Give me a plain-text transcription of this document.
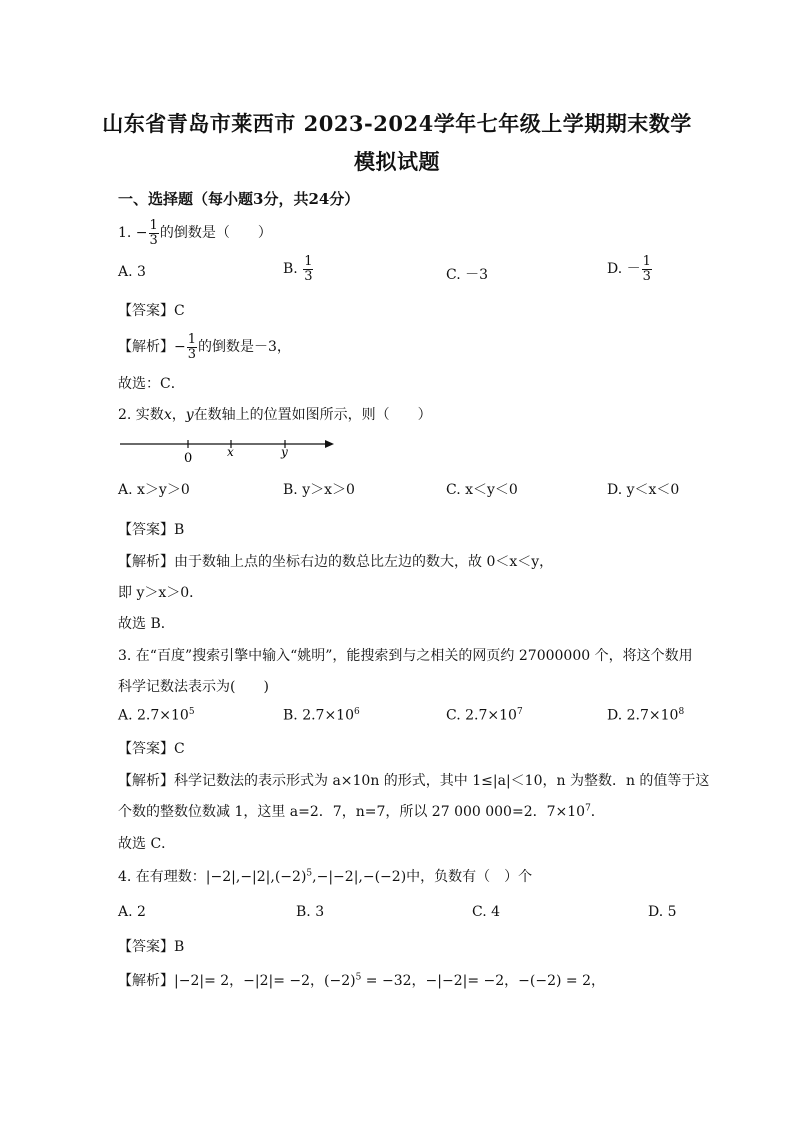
山东省青岛市莱西市 2023-2024学年七年级上学期期末数学
模拟试题
一、选择题（每小题3分，共24分）
1. − $\frac{1}{3}$ 的倒数是（　　）
A. 3	B. $\frac{1}{3}$	C. －3	D. － $\frac{1}{3}$
【答案】C
【解析】− $\frac{1}{3}$ 的倒数是－3，
故选：C．
2. 实数x，y在数轴上的位置如图所示，则（　　）
0	x	y
A. x＞y＞0	B. y＞x＞0	C. x＜y＜0	D. y＜x＜0
【答案】B
【解析】由于数轴上点的坐标右边的数总比左边的数大，故 0＜x＜y，
即 y＞x＞0．
故选 B．
3. 在“百度”搜索引擎中输入“姚明”，能搜索到与之相关的网页约 27000000 个，将这个数用
科学记数法表示为(　　)
A. $2.7\times 10^5$	B. $2.7\times 10^6$	C. $2.7\times 10^7$	D. $2.7\times 10^8$
【答案】C
【解析】科学记数法的表示形式为 a×10n 的形式，其中 1≤|a|＜10，n 为整数．n 的值等于这
个数的整数位数减 1，这里 a=2．7，n=7，所以 27 000 000=2．$7\times 10^7$．
故选 C．
4. 在有理数：$|-2|,-|2|,(-2)^5,-|-2|,-(-2)$中，负数有（　）个
A. 2	B. 3	C. 4	D. 5
【答案】B
【解析】|−2|= 2，−|2|= −2，$(-2)^5 = -32$，−|−2|= −2，−(−2) = 2，
